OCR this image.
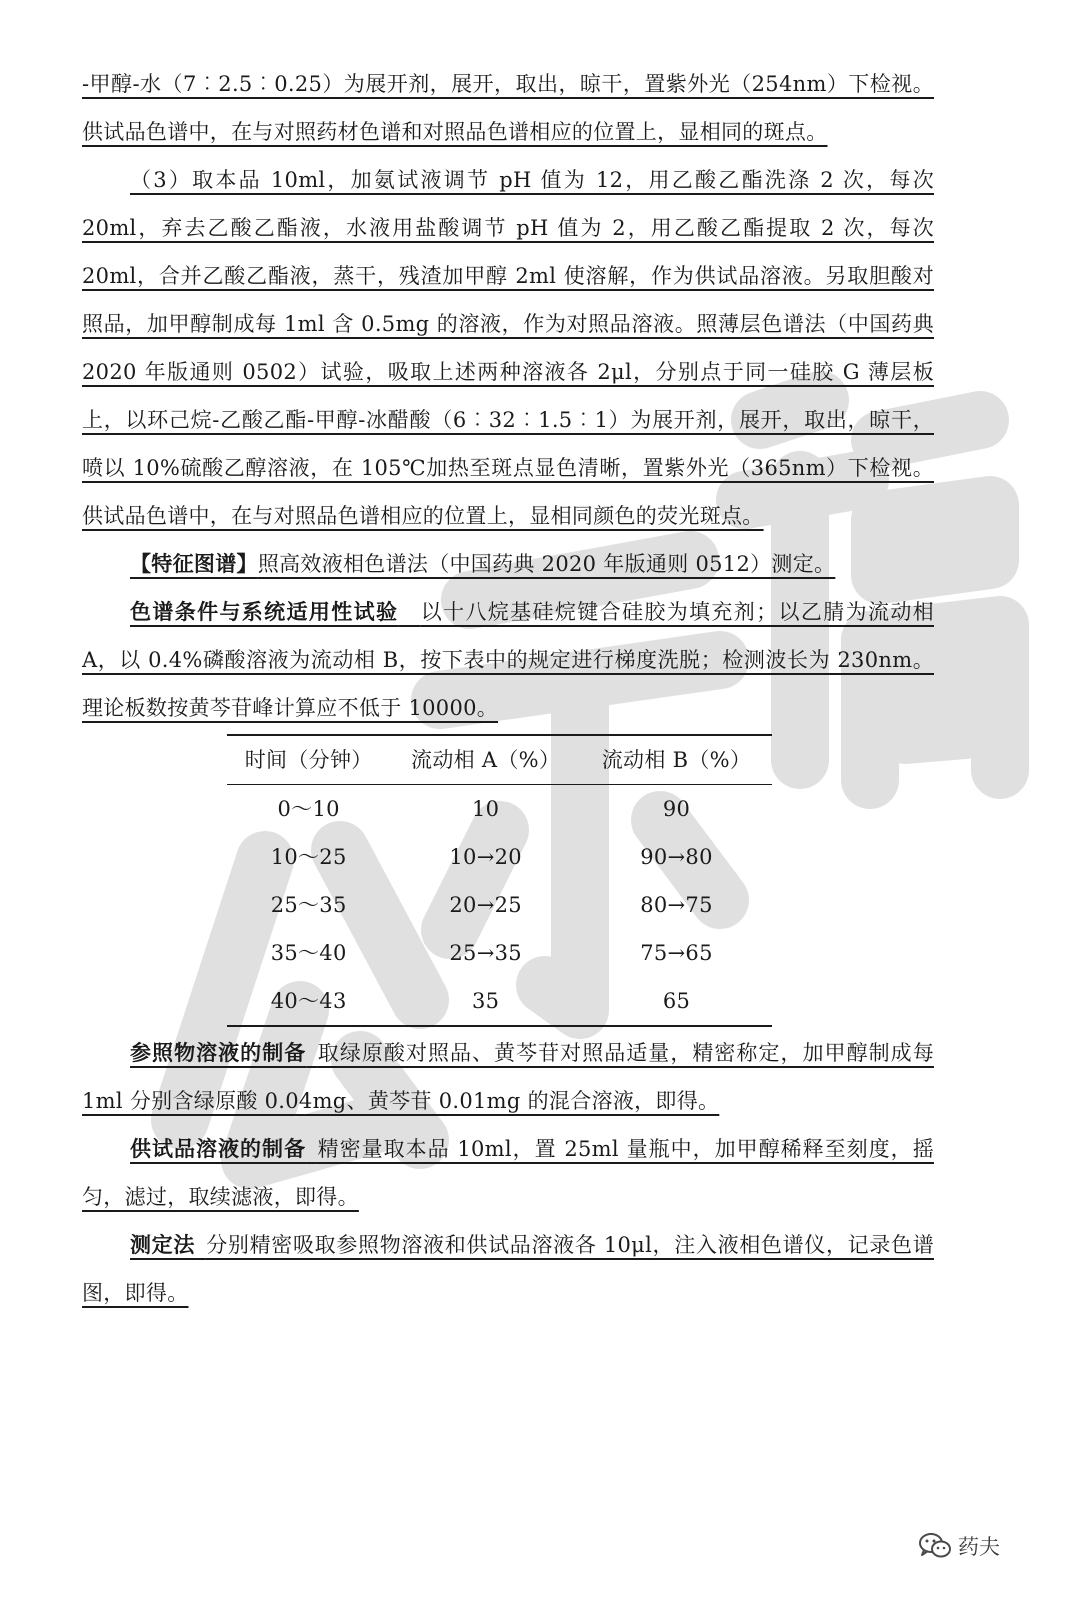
-甲醇-水（7︰2.5︰0.25）为展开剂，展开，取出，晾干，置紫外光（254nm）下检视。供试品色谱中，在与对照药材色谱和对照品色谱相应的位置上，显相同的斑点。

（3）取本品 10ml，加氨试液调节 pH 值为 12，用乙酸乙酯洗涤 2 次，每次 20ml，弃去乙酸乙酯液，水液用盐酸调节 pH 值为 2，用乙酸乙酯提取 2 次，每次 20ml，合并乙酸乙酯液，蒸干，残渣加甲醇 2ml 使溶解，作为供试品溶液。另取胆酸对照品，加甲醇制成每 1ml 含 0.5mg 的溶液，作为对照品溶液。照薄层色谱法（中国药典 2020 年版通则 0502）试验，吸取上述两种溶液各 2μl，分别点于同一硅胶 G 薄层板上，以环己烷-乙酸乙酯-甲醇-冰醋酸（6︰32︰1.5︰1）为展开剂，展开，取出，晾干，喷以 10%硫酸乙醇溶液，在 105℃加热至斑点显色清晰，置紫外光（365nm）下检视。供试品色谱中，在与对照品色谱相应的位置上，显相同颜色的荧光斑点。

【特征图谱】照高效液相色谱法（中国药典 2020 年版通则 0512）测定。

色谱条件与系统适用性试验　 以十八烷基硅烷键合硅胶为填充剂；以乙腈为流动相 A，以 0.4%磷酸溶液为流动相 B，按下表中的规定进行梯度洗脱；检测波长为 230nm。理论板数按黄芩苷峰计算应不低于 10000。

时间（分钟）	流动相 A（%）	流动相 B（%）
0～10	10	90
10～25	10→20	90→80
25～35	20→25	80→75
35～40	25→35	75→65
40～43	35	65

参照物溶液的制备  取绿原酸对照品、黄芩苷对照品适量，精密称定，加甲醇制成每 1ml 分别含绿原酸 0.04mg、黄芩苷 0.01mg 的混合溶液，即得。

供试品溶液的制备  精密量取本品 10ml，置 25ml 量瓶中，加甲醇稀释至刻度，摇匀，滤过，取续滤液，即得。

测定法  分别精密吸取参照物溶液和供试品溶液各 10μl，注入液相色谱仪，记录色谱图，即得。

药夫
